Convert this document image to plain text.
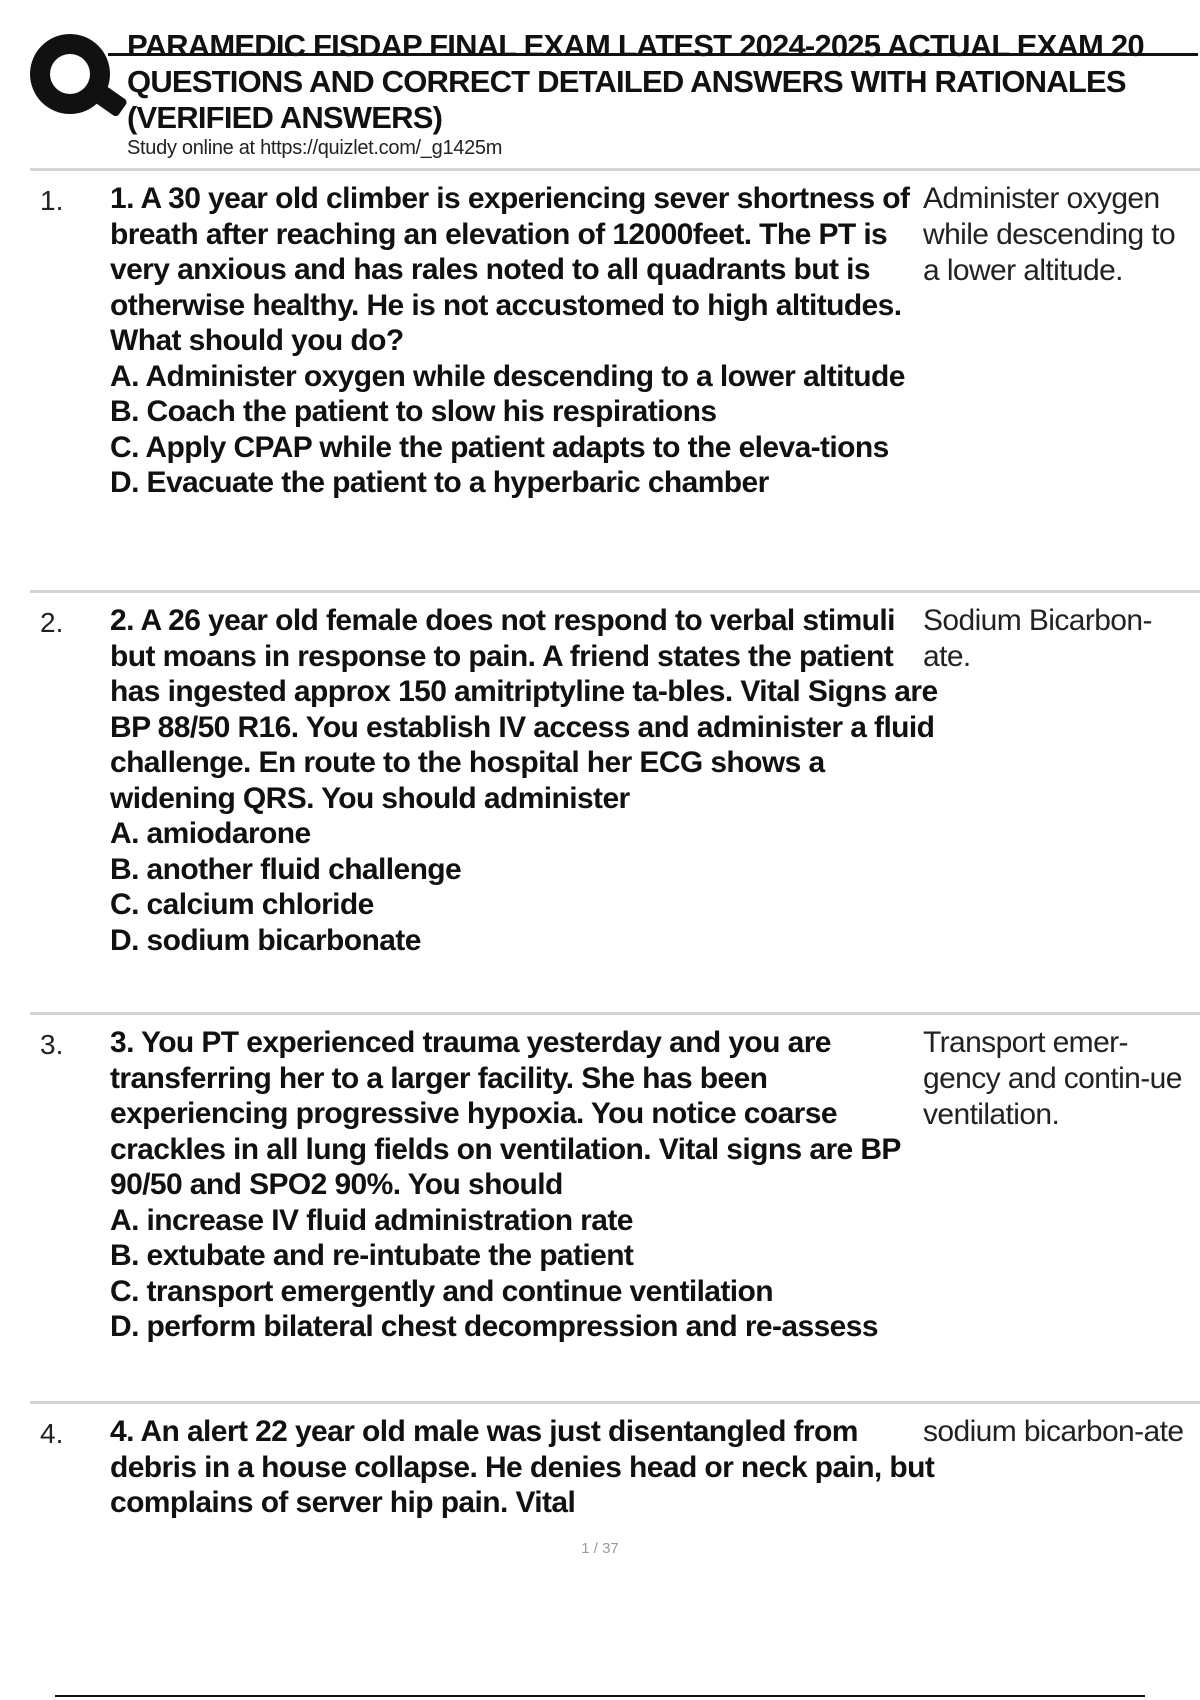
PARAMEDIC FISDAP FINAL EXAM LATEST 2024-2025 ACTUAL EXAM 20 QUESTIONS AND CORRECT DETAILED ANSWERS WITH RATIONALES (VERIFIED ANSWERS)
Study online at https://quizlet.com/_g1425m
1. 1. A 30 year old climber is experiencing sever shortness of breath after reaching an elevation of 12000feet. The PT is very anxious and has rales noted to all quadrants but is otherwise healthy. He is not accustomed to high altitudes. What should you do?
A. Administer oxygen while descending to a lower altitude
B. Coach the patient to slow his respirations
C. Apply CPAP while the patient adapts to the eleva-tions
D. Evacuate the patient to a hyperbaric chamber
Administer oxygen while descending to a lower altitude.
2. 2. A 26 year old female does not respond to verbal stimuli but moans in response to pain. A friend states the patient has ingested approx 150 amitriptyline ta-bles. Vital Signs are BP 88/50 R16. You establish IV access and administer a fluid challenge. En route to the hospital her ECG shows a widening QRS. You should administer
A. amiodarone
B. another fluid challenge
C. calcium chloride
D. sodium bicarbonate
Sodium Bicarbon-ate.
3. 3. You PT experienced trauma yesterday and you are transferring her to a larger facility. She has been experiencing progressive hypoxia. You notice coarse crackles in all lung fields on ventilation. Vital signs are BP 90/50 and SPO2 90%. You should
A. increase IV fluid administration rate
B. extubate and re-intubate the patient
C. transport emergently and continue ventilation
D. perform bilateral chest decompression and re-assess
Transport emer-gency and contin-ue ventilation.
4. 4. An alert 22 year old male was just disentangled from debris in a house collapse. He denies head or neck pain, but complains of server hip pain. Vital
sodium bicarbon-ate
1 / 37
